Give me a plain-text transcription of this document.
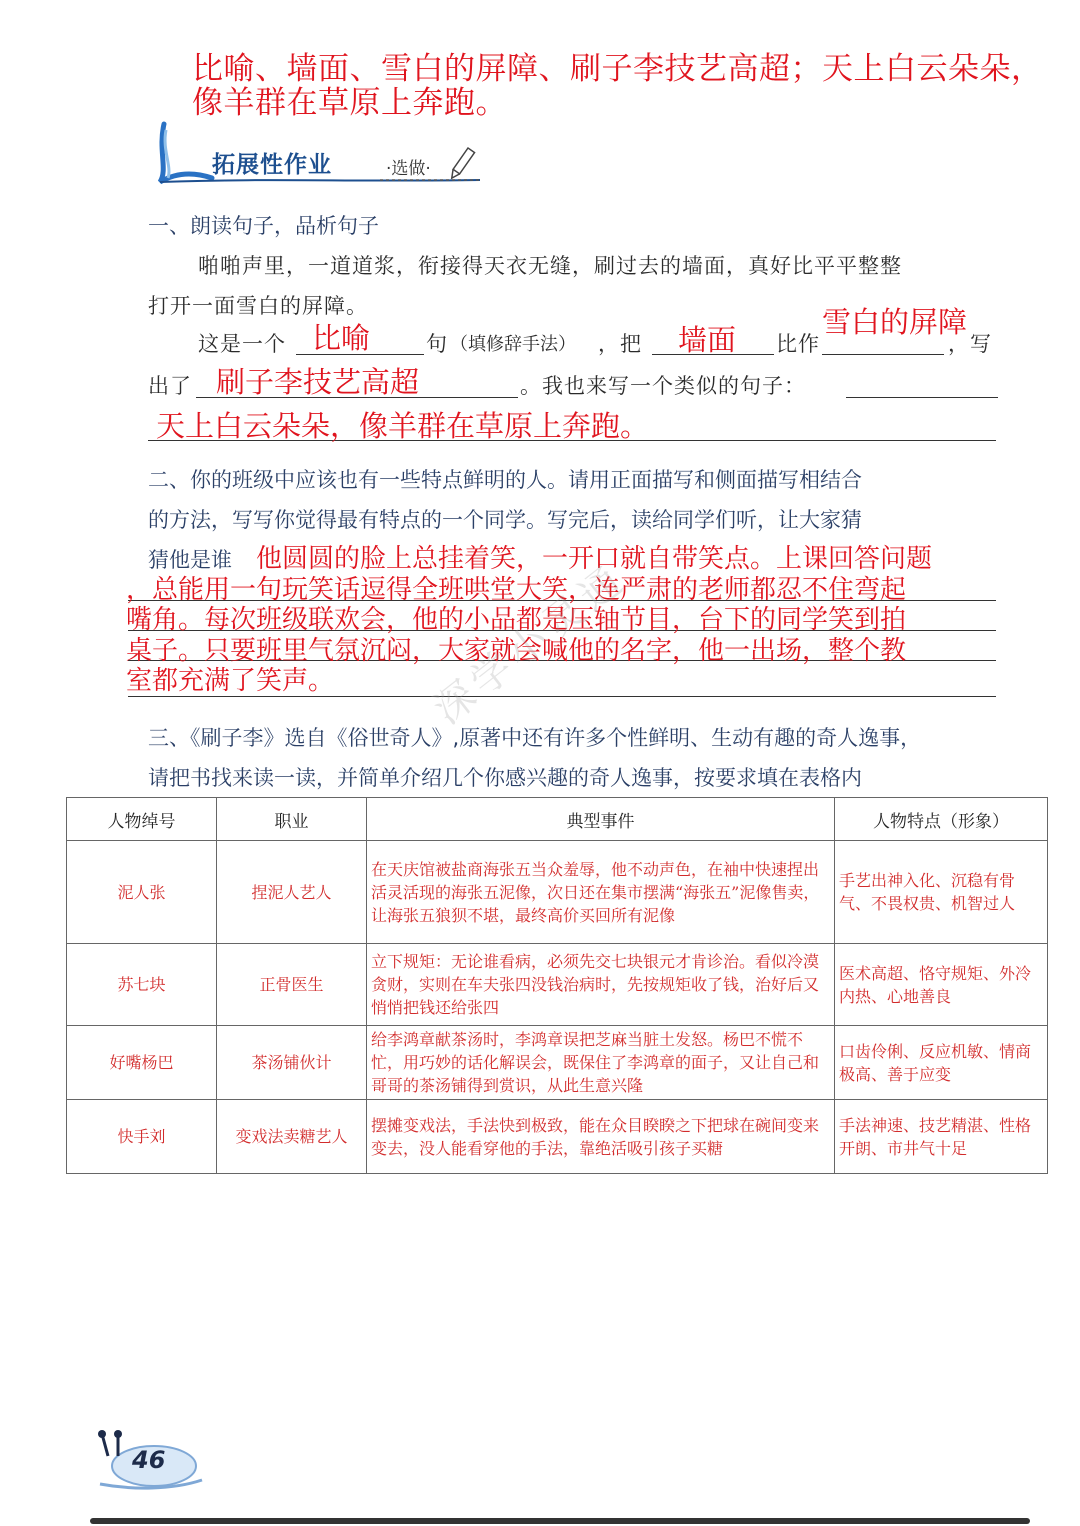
比喻、墙面、雪白的屏障、刷子李技艺高超；天上白云朵朵，
像羊群在草原上奔跑。
拓展性作业	·选做·
一、朗读句子，品析句子
啪啪声里，一道道浆，衔接得天衣无缝，刷过去的墙面，真好比平平整整
打开一面雪白的屏障。
这是一个 比喻	句 （填修辞手法） ，把 墙面 比作
雪白的屏障
，写
出了 刷子李技艺高超	。我也来写一个类似的句子：
天上白云朵朵，像羊群在草原上奔跑。
二、你的班级中应该也有一些特点鲜明的人。请用正面描写和侧面描写相结合
的方法，写写你觉得最有特点的一个同学。写完后，读给同学们听，让大家猜
猜他是谁 他圆圆的脸上总挂着笑，一开口就自带笑点。上课回答问题
，总能用一句玩笑话逗得全班哄堂大笑，连严肃的老师都忍不住弯起
嘴角。每次班级联欢会，他的小品都是压轴节目，台下的同学笑到拍
桌子。只要班里气氛沉闷，大家就会喊他的名字，他一出场，整个教
室都充满了笑声。	深学小灵通
三、《刷子李》选自《俗世奇人》,原著中还有许多个性鲜明、生动有趣的奇人逸事，
请把书找来读一读，并简单介绍几个你感兴趣的奇人逸事，按要求填在表格内
人物绰号	职业	典型事件	人物特点（形象）
泥人张	捏泥人艺人	在天庆馆被盐商海张五当众羞辱，他不动声色，在袖中快速捏出活灵活现的海张五泥像，次日还在集市摆满“海张五”泥像售卖，让海张五狼狈不堪，最终高价买回所有泥像	手艺出神入化、沉稳有骨气、不畏权贵、机智过人
苏七块	正骨医生	立下规矩：无论谁看病，必须先交七块银元才肯诊治。看似冷漠贪财，实则在车夫张四没钱治病时，先按规矩收了钱，治好后又悄悄把钱还给张四	医术高超、恪守规矩、外冷内热、心地善良
好嘴杨巴	茶汤铺伙计	给李鸿章献茶汤时，李鸿章误把芝麻当脏土发怒。杨巴不慌不忙，用巧妙的话化解误会，既保住了李鸿章的面子，又让自己和哥哥的茶汤铺得到赏识，从此生意兴隆	口齿伶俐、反应机敏、情商极高、善于应变
快手刘	变戏法卖糖艺人	摆摊变戏法，手法快到极致，能在众目睽睽之下把球在碗间变来变去，没人能看穿他的手法，靠绝活吸引孩子买糖	手法神速、技艺精湛、性格开朗、市井气十足
46
